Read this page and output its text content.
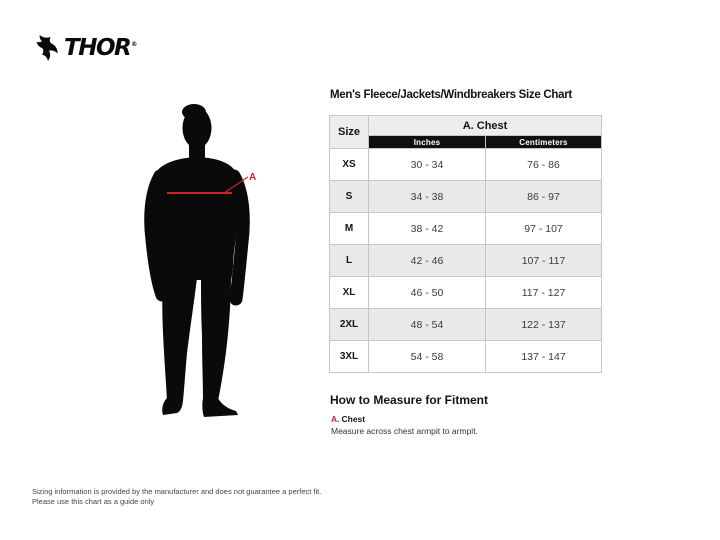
THOR®
A
Men's Fleece/Jackets/Windbreakers Size Chart
Size	A. Chest	
	Inches	Centimeters
XS	30 - 34	76 - 86
S	34 - 38	86 - 97
M	38 - 42	97 - 107
L	42 - 46	107 - 117
XL	46 - 50	117 - 127
2XL	48 - 54	122 - 137
3XL	54 - 58	137 - 147
How to Measure for Fitment
A. Chest
Measure across chest armpit to armpit.
Sizing information is provided by the manufacturer and does not guarantee a perfect fit.
Please use this chart as a guide only
